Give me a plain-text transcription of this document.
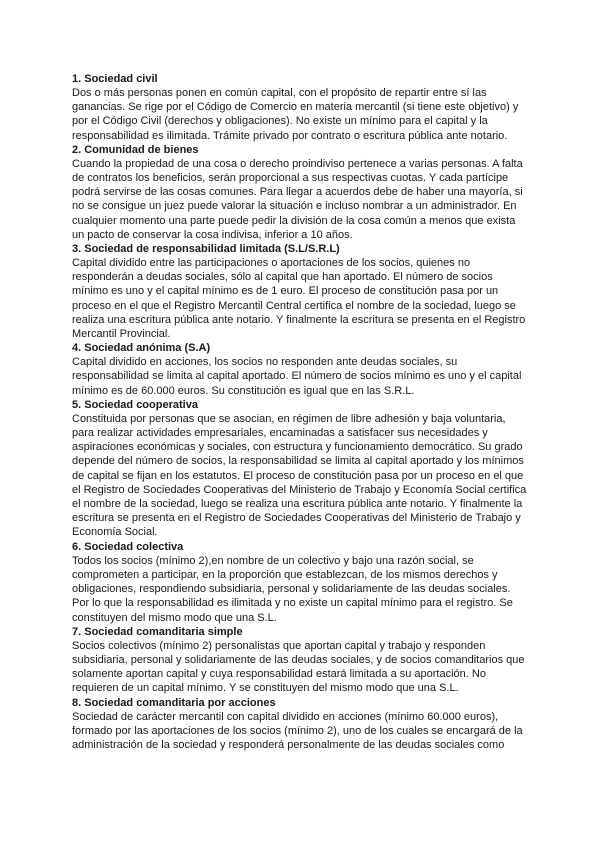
1. Sociedad civil

Dos o más personas ponen en común capital, con el propósito de repartir entre sí las ganancias. Se rige por el Código de Comercio en materia mercantil (si tiene este objetivo) y por el Código Civil (derechos y obligaciones). No existe un mínimo para el capital y la responsabilidad es ilimitada. Trámite privado por contrato o escritura pública ante notario.

2. Comunidad de bienes

Cuando la propiedad de una cosa o derecho proindiviso pertenece a varias personas. A falta de contratos los beneficios, serán proporcional a sus respectivas cuotas. Y cada partícipe podrá servirse de las cosas comunes. Para llegar a acuerdos debe de haber una mayoría, si no se consigue un juez puede valorar la situación e incluso nombrar a un administrador. En cualquier momento una parte puede pedir la división de la cosa común a menos que exista un pacto de conservar la cosa indivisa, inferior a 10 años.

3. Sociedad de responsabilidad limitada (S.L/S.R.L)

Capital dividido entre las participaciones o aportaciones de los socios, quienes no responderán a deudas sociales, sólo al capital que han aportado. El número de socios mínimo es uno y el capital mínimo es de 1 euro. El proceso de constitución pasa por un proceso en el que el Registro Mercantil Central certifica el nombre de la sociedad, luego se realiza una escritura pública ante notario. Y finalmente la escritura se presenta en el Registro Mercantil Provincial.

4. Sociedad anónima (S.A)

Capital dividido en acciones, los socios no responden ante deudas sociales, su responsabilidad se limita al capital aportado. El número de socios mínimo es uno y el capital mínimo es de 60.000 euros. Su constitución es igual que en las S.R.L.

5. Sociedad cooperativa

Constituida por personas que se asocian, en régimen de libre adhesión y baja voluntaria, para realizar actividades empresariales, encaminadas a satisfacer sus necesidades y aspiraciones económicas y sociales, con estructura y funcionamiento democrático. Su grado depende del número de socios, la responsabilidad se limita al capital aportado y los mínimos de capital se fijan en los estatutos. El proceso de constitución pasa por un proceso en el que el Registro de Sociedades Cooperativas del Ministerio de Trabajo y Economía Social certifica el nombre de la sociedad, luego se realiza una escritura pública ante notario. Y finalmente la escritura se presenta en el Registro de Sociedades Cooperativas del Ministerio de Trabajo y Economía Social.

6. Sociedad colectiva

Todos los socios (mínimo 2),en nombre de un colectivo y bajo una razón social, se comprometen a participar, en la proporción que establezcan, de los mismos derechos y obligaciones, respondiendo subsidiaria, personal y solidariamente de las deudas sociales. Por lo que la responsabilidad es ilimitada y no existe un capital mínimo para el registro. Se constituyen del mismo modo que una S.L.

7. Sociedad comanditaria simple

Socios colectivos (mínimo 2) personalistas que aportan capital y trabajo y responden subsidiaria, personal y solidariamente de las deudas sociales, y de socios comanditarios que solamente aportan capital y cuya responsabilidad estará limitada a su aportación. No requieren de un capital mínimo. Y se constituyen del mismo modo que una S.L.

8. Sociedad comanditaria por acciones

Sociedad de carácter mercantil con capital dividido en acciones (mínimo 60.000 euros), formado por las aportaciones de los socios (mínimo 2), uno de los cuales se encargará de la administración de la sociedad y responderá personalmente de las deudas sociales como
